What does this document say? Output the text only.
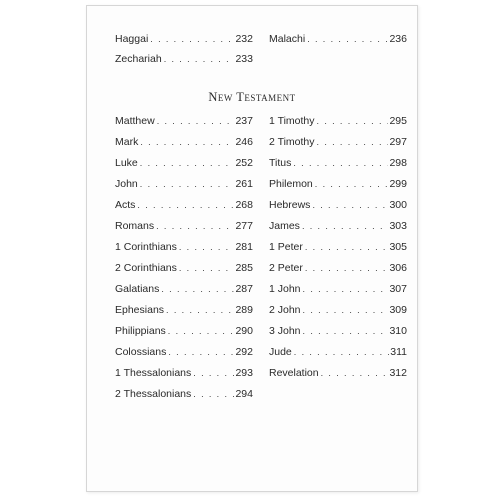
Haggai . . .	232
Zechariah . . .	233
Malachi . . .	236
New Testament
Matthew . . .	237
Mark . . .	246
Luke . . .	252
John . . .	261
Acts . . .	268
Romans . . .	277
1 Corinthians . . .	281
2 Corinthians . . .	285
Galatians . . .	287
Ephesians . . .	289
Philippians . . .	290
Colossians . . .	292
1 Thessalonians . . .	293
2 Thessalonians . . .	294
1 Timothy . . .	295
2 Timothy . . .	297
Titus . . .	298
Philemon . . .	299
Hebrews . . .	300
James . . .	303
1 Peter . . .	305
2 Peter . . .	306
1 John . . .	307
2 John . . .	309
3 John . . .	310
Jude . . .	311
Revelation . . .	312
